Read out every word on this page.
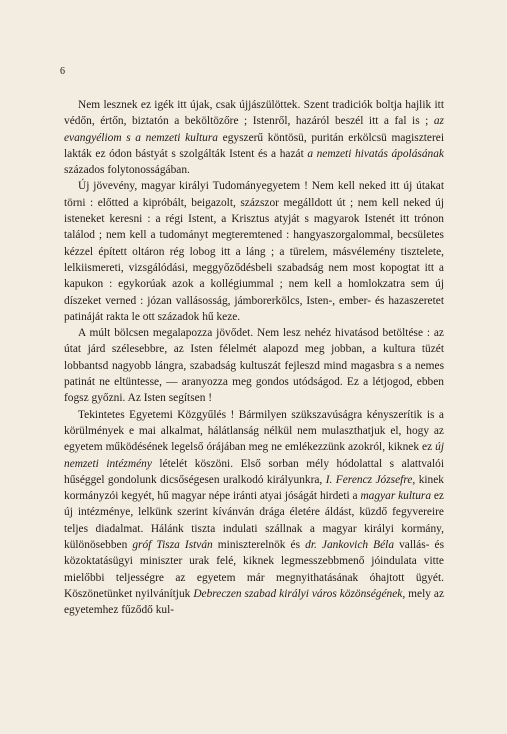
6

Nem lesznek ez igék itt újak, csak újjászülöttek. Szent tradiciók boltja hajlik itt védőn, értőn, biztatón a beköltözőre ; Istenről, hazáról beszél itt a fal is ; az evangyéliom s a nemzeti kultura egyszerű köntösü, puritán erkölcsü magiszterei lakták ez ódon bástyát s szolgálták Istent és a hazát a nemzeti hivatás ápolásának százados folytonosságában.

Új jövevény, magyar királyi Tudományegyetem ! Nem kell neked itt új útakat törni : előtted a kipróbált, beigazolt, százszor megálldott út ; nem kell neked új isteneket keresni : a régi Istent, a Krisztus atyját s magyarok Istenét itt trónon találod ; nem kell a tudományt megteremtened : hangyaszorgalommal, becsületes kézzel épített oltáron rég lobog itt a láng ; a türelem, másvélemény tisztelete, lelkiismereti, vizsgálódási, meggyőződésbeli szabadság nem most kopogtat itt a kapukon : egykorúak azok a kollégiummal ; nem kell a homlokzatra sem új díszeket verned : józan vallásosság, jámborerkölcs, Isten-, ember- és hazaszeretet patináját rakta le ott századok hű keze.

A múlt bölcsen megalapozza jövődet. Nem lesz nehéz hivatásod betöltése : az útat járd szélesebbre, az Isten félelmét alapozd meg jobban, a kultura tüzét lobbantsd nagyobb lángra, szabadság kultuszát fejleszd mind magasbra s a nemes patinát ne eltüntesse, — aranyozza meg gondos utódságod. Ez a létjogod, ebben fogsz győzni. Az Isten segítsen !

Tekintetes Egyetemi Közgyűlés ! Bármilyen szükszavúságra kényszerítik is a körülmények e mai alkalmat, hálátlanság nélkül nem mulaszthatjuk el, hogy az egyetem működésének legelső órájában meg ne emlékezzünk azokról, kiknek ez új nemzeti intézmény lételét köszöni. Első sorban mély hódolattal s alattvalói hűséggel gondolunk dicsőségesen uralkodó királyunkra, I. Ferencz Józsefre, kinek kormányzói kegyét, hű magyar népe iránti atyai jóságát hirdeti a magyar kultura ez új intézménye, lelkünk szerint kívánván drága életére áldást, küzdő fegyvereire teljes diadalmat. Hálánk tiszta indulati szállnak a magyar királyi kormány, különösebben gróf Tisza István miniszterelnök és dr. Jankovich Béla vallás- és közoktatásügyi miniszter urak felé, kiknek legmesszebbmenő jóindulata vitte mielőbbi teljességre az egyetem már megnyithatásának óhajtott ügyét. Köszönetünket nyilvánítjuk Debreczen szabad királyi város közönségének, mely az egyetemhez fűződő kul-
